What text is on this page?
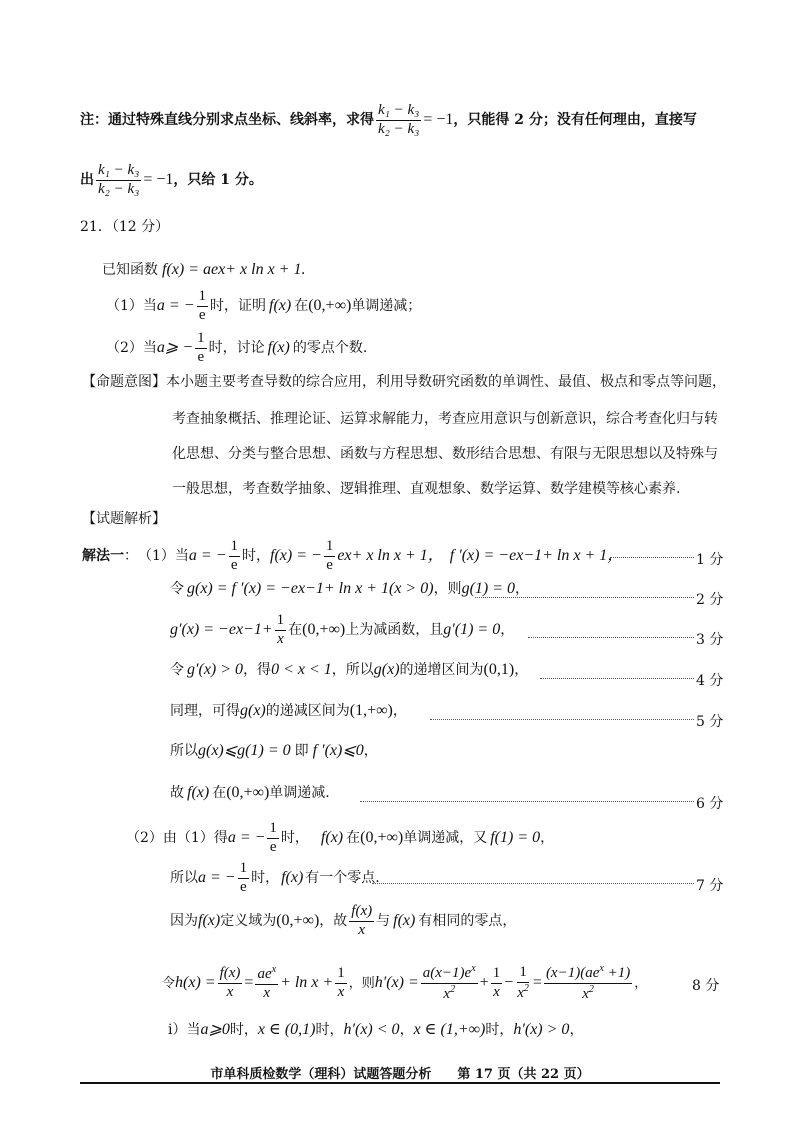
注： 通过特殊直线分别求点坐标、线斜率，求得 $\frac{\text{k₁ − k₃}}{\text{k₂ − k₃}} = -1$ ，只能得 2 分；没有任何理由，直接写
出 $\frac{\text{k₁ − k₃}}{\text{k₂ − k₃}} = -1$ ，只给 1 分。
21．（12 分）
已知函数 f(x) = ae x + x ln x + 1.
（1）当 a = − $\frac{1}{e}$ 时，证明 f(x) 在 (0,+∞) 单调递减；
（2）当 a⩾ − $\frac{1}{e}$ 时，讨论 f(x) 的零点个数.
【命题意图】 本小题主要考查导数的综合应用，利用导数研究函数的单调性、最值、极点和零点等问题，
考查抽象概括、推理论证、运算求解能力，考查应用意识与创新意识，综合考查化归与转
化思想、分类与整合思想、函数与方程思想、数形结合思想、有限与无限思想以及特殊与
一般思想，考查数学抽象、逻辑推理、直观想象、数学运算、数学建模等核心素养.
【试题解析】
解法一 ： （1）当 a = − $\frac{1}{e}$ 时， f(x) = − $\frac{1}{e}$ e x + x ln x + 1， f ′(x) = −e x−1 + ln x + 1，	1 分
令 g(x) = f ′(x) = −e x−1 + ln x + 1(x > 0) ，则 g(1) = 0 ，
2 分
g′(x) = −e $x-1 + \frac{1}{x}$ 在 (0,+∞) 上为减函数，且 g′(1) = 0 ，
3 分
令 g′(x) > 0 ，得 0 < x < 1 ，所以 g(x) 的递增区间为 (0,1) ，
4 分
同理，可得 g(x) 的递减区间为 (1,+∞) ，
5 分
所以 g(x)⩽g(1) = 0 即 f ′(x)⩽0 ，
故 f(x) 在 (0,+∞) 单调递减.
6 分
（2）由（1）得 a = − $\frac{1}{e}$ 时， f(x) 在 (0,+∞) 单调递减，又 f(1) = 0 ，
所以 a = − $\frac{1}{e}$ 时， f(x) 有一个零点.	7 分
因为 f(x) 定义域为 (0,+∞) ，故 $\frac{f(x)}{x}$ 与 f(x) 有相同的零点，
令 $h(x) = \frac{f(x)}{x} = \frac{ae^x}{x} + \ln x + \frac{1}{x}$ ，则 $h'(x) = \frac{a(x-1)e^x}{x^2} + \frac{1}{x} - \frac{1}{x^2} = \frac{(x-1)(ae^x +1)}{x^2}$ ，	8 分
i）当 a⩾0 时， x ∈ (0,1) 时， h′(x) < 0 ， x ∈ (1,+∞) 时， h′(x) > 0 ，
市单科质检数学（理科）试题答题分析　　第 17 页（共 22 页）
